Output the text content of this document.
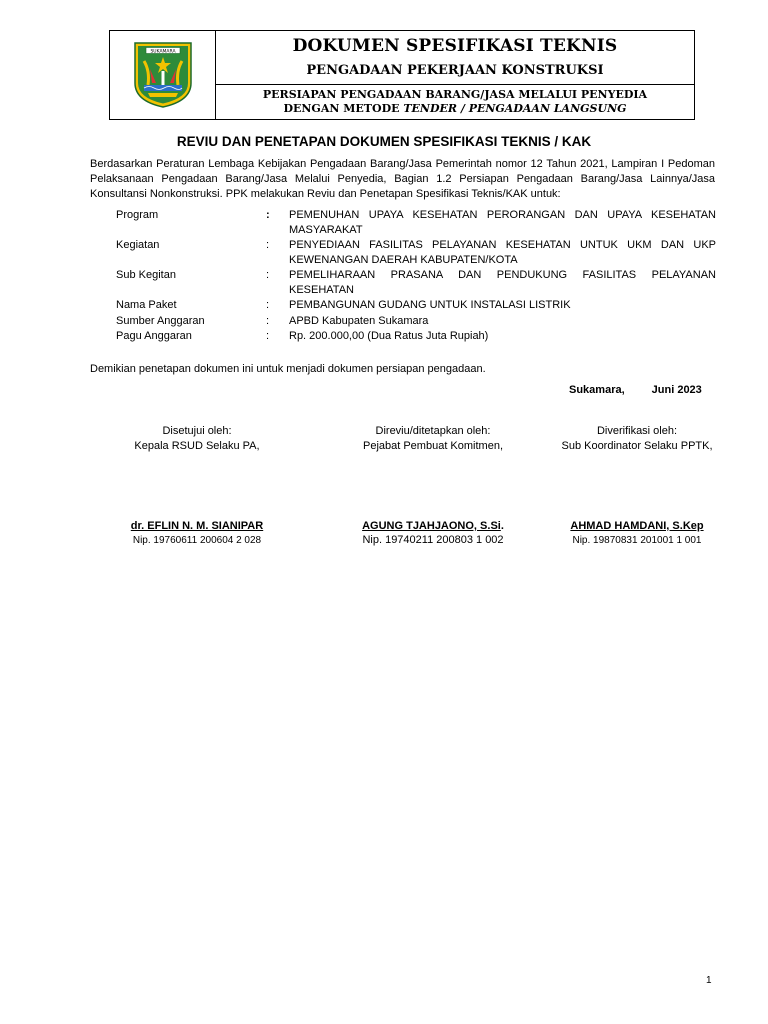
SUKAMARA	DOKUMEN SPESIFIKASI TEKNIS
PENGADAAN PEKERJAAN KONSTRUKSI
PERSIAPAN PENGADAAN BARANG/JASA MELALUI PENYEDIA
DENGAN METODE TENDER / PENGADAAN LANGSUNG
REVIU DAN PENETAPAN DOKUMEN SPESIFIKASI TEKNIS / KAK
Berdasarkan Peraturan Lembaga Kebijakan Pengadaan Barang/Jasa Pemerintah nomor 12 Tahun 2021, Lampiran I Pedoman Pelaksanaan Pengadaan Barang/Jasa Melalui Penyedia, Bagian 1.2 Persiapan Pengadaan Barang/Jasa Lainnya/Jasa Konsultansi Nonkonstruksi. PPK melakukan Reviu dan Penetapan Spesifikasi Teknis/KAK untuk:
Program	:	PEMENUHAN UPAYA KESEHATAN PERORANGAN DAN UPAYA KESEHATAN MASYARAKAT
Kegiatan	:	PENYEDIAAN FASILITAS PELAYANAN KESEHATAN UNTUK UKM DAN UKP KEWENANGAN DAERAH KABUPATEN/KOTA
Sub Kegitan	:	PEMELIHARAAN PRASANA DAN PENDUKUNG FASILITAS PELAYANAN KESEHATAN
Nama Paket	:	PEMBANGUNAN GUDANG UNTUK INSTALASI LISTRIK
Sumber Anggaran	:	APBD Kabupaten Sukamara
Pagu Anggaran	:	Rp. 200.000,00 (Dua Ratus Juta Rupiah)
Demikian penetapan dokumen ini untuk menjadi dokumen persiapan pengadaan.
Sukamara, Juni 2023
Disetujui oleh:
Kepala RSUD Selaku PA,
dr. EFLIN N. M. SIANIPAR
Nip. 19760611 200604 2 028
Direviu/ditetapkan oleh:
Pejabat Pembuat Komitmen,
AGUNG TJAHJAONO, S.Si.
Nip. 19740211 200803 1 002
Diverifikasi oleh:
Sub Koordinator Selaku PPTK,
AHMAD HAMDANI, S.Kep
Nip. 19870831 201001 1 001
1
